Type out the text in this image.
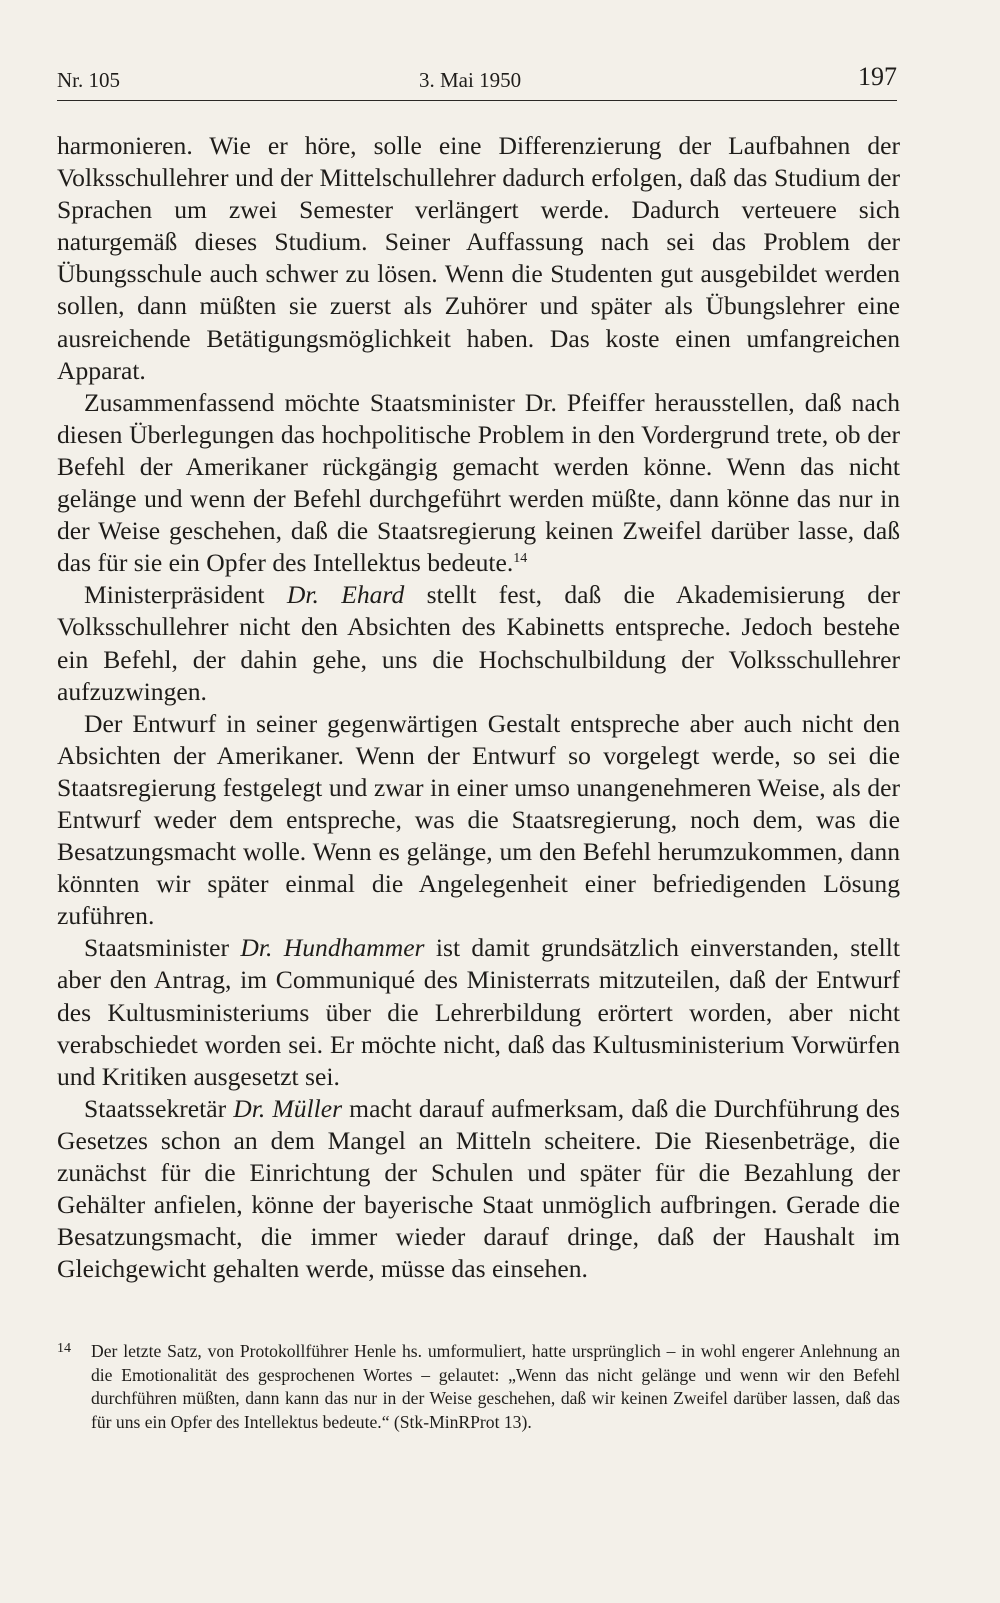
Nr. 105	3. Mai 1950	197

harmonieren. Wie er höre, solle eine Differenzierung der Laufbahnen der Volksschullehrer und der Mittelschullehrer dadurch erfolgen, daß das Studium der Sprachen um zwei Semester verlängert werde. Dadurch verteuere sich naturgemäß dieses Studium. Seiner Auffassung nach sei das Problem der Übungsschule auch schwer zu lösen. Wenn die Studenten gut ausgebildet werden sollen, dann müßten sie zuerst als Zuhörer und später als Übungslehrer eine ausreichende Betätigungsmöglichkeit haben. Das koste einen umfangreichen Apparat.

Zusammenfassend möchte Staatsminister Dr. Pfeiffer herausstellen, daß nach diesen Überlegungen das hochpolitische Problem in den Vordergrund trete, ob der Befehl der Amerikaner rückgängig gemacht werden könne. Wenn das nicht gelänge und wenn der Befehl durchgeführt werden müßte, dann könne das nur in der Weise geschehen, daß die Staatsregierung keinen Zweifel darüber lasse, daß das für sie ein Opfer des Intellektus bedeute.$^{14}$

Ministerpräsident Dr. Ehard stellt fest, daß die Akademisierung der Volksschullehrer nicht den Absichten des Kabinetts entspreche. Jedoch bestehe ein Befehl, der dahin gehe, uns die Hochschulbildung der Volksschullehrer aufzuzwingen.

Der Entwurf in seiner gegenwärtigen Gestalt entspreche aber auch nicht den Absichten der Amerikaner. Wenn der Entwurf so vorgelegt werde, so sei die Staatsregierung festgelegt und zwar in einer umso unangenehmeren Weise, als der Entwurf weder dem entspreche, was die Staatsregierung, noch dem, was die Besatzungsmacht wolle. Wenn es gelänge, um den Befehl herumzukommen, dann könnten wir später einmal die Angelegenheit einer befriedigenden Lösung zuführen.

Staatsminister Dr. Hundhammer ist damit grundsätzlich einverstanden, stellt aber den Antrag, im Communiqué des Ministerrats mitzuteilen, daß der Entwurf des Kultusministeriums über die Lehrerbildung erörtert worden, aber nicht verabschiedet worden sei. Er möchte nicht, daß das Kultusministerium Vorwürfen und Kritiken ausgesetzt sei.

Staatssekretär Dr. Müller macht darauf aufmerksam, daß die Durchführung des Gesetzes schon an dem Mangel an Mitteln scheitere. Die Riesenbeträge, die zunächst für die Einrichtung der Schulen und später für die Bezahlung der Gehälter anfielen, könne der bayerische Staat unmöglich aufbringen. Gerade die Besatzungsmacht, die immer wieder darauf dringe, daß der Haushalt im Gleichgewicht gehalten werde, müsse das einsehen.

14 Der letzte Satz, von Protokollführer Henle hs. umformuliert, hatte ursprünglich – in wohl engerer Anlehnung an die Emotionalität des gesprochenen Wortes – gelautet: „Wenn das nicht gelänge und wenn wir den Befehl durchführen müßten, dann kann das nur in der Weise geschehen, daß wir keinen Zweifel darüber lassen, daß das für uns ein Opfer des Intellektus bedeute.“ (Stk-MinRProt 13).
